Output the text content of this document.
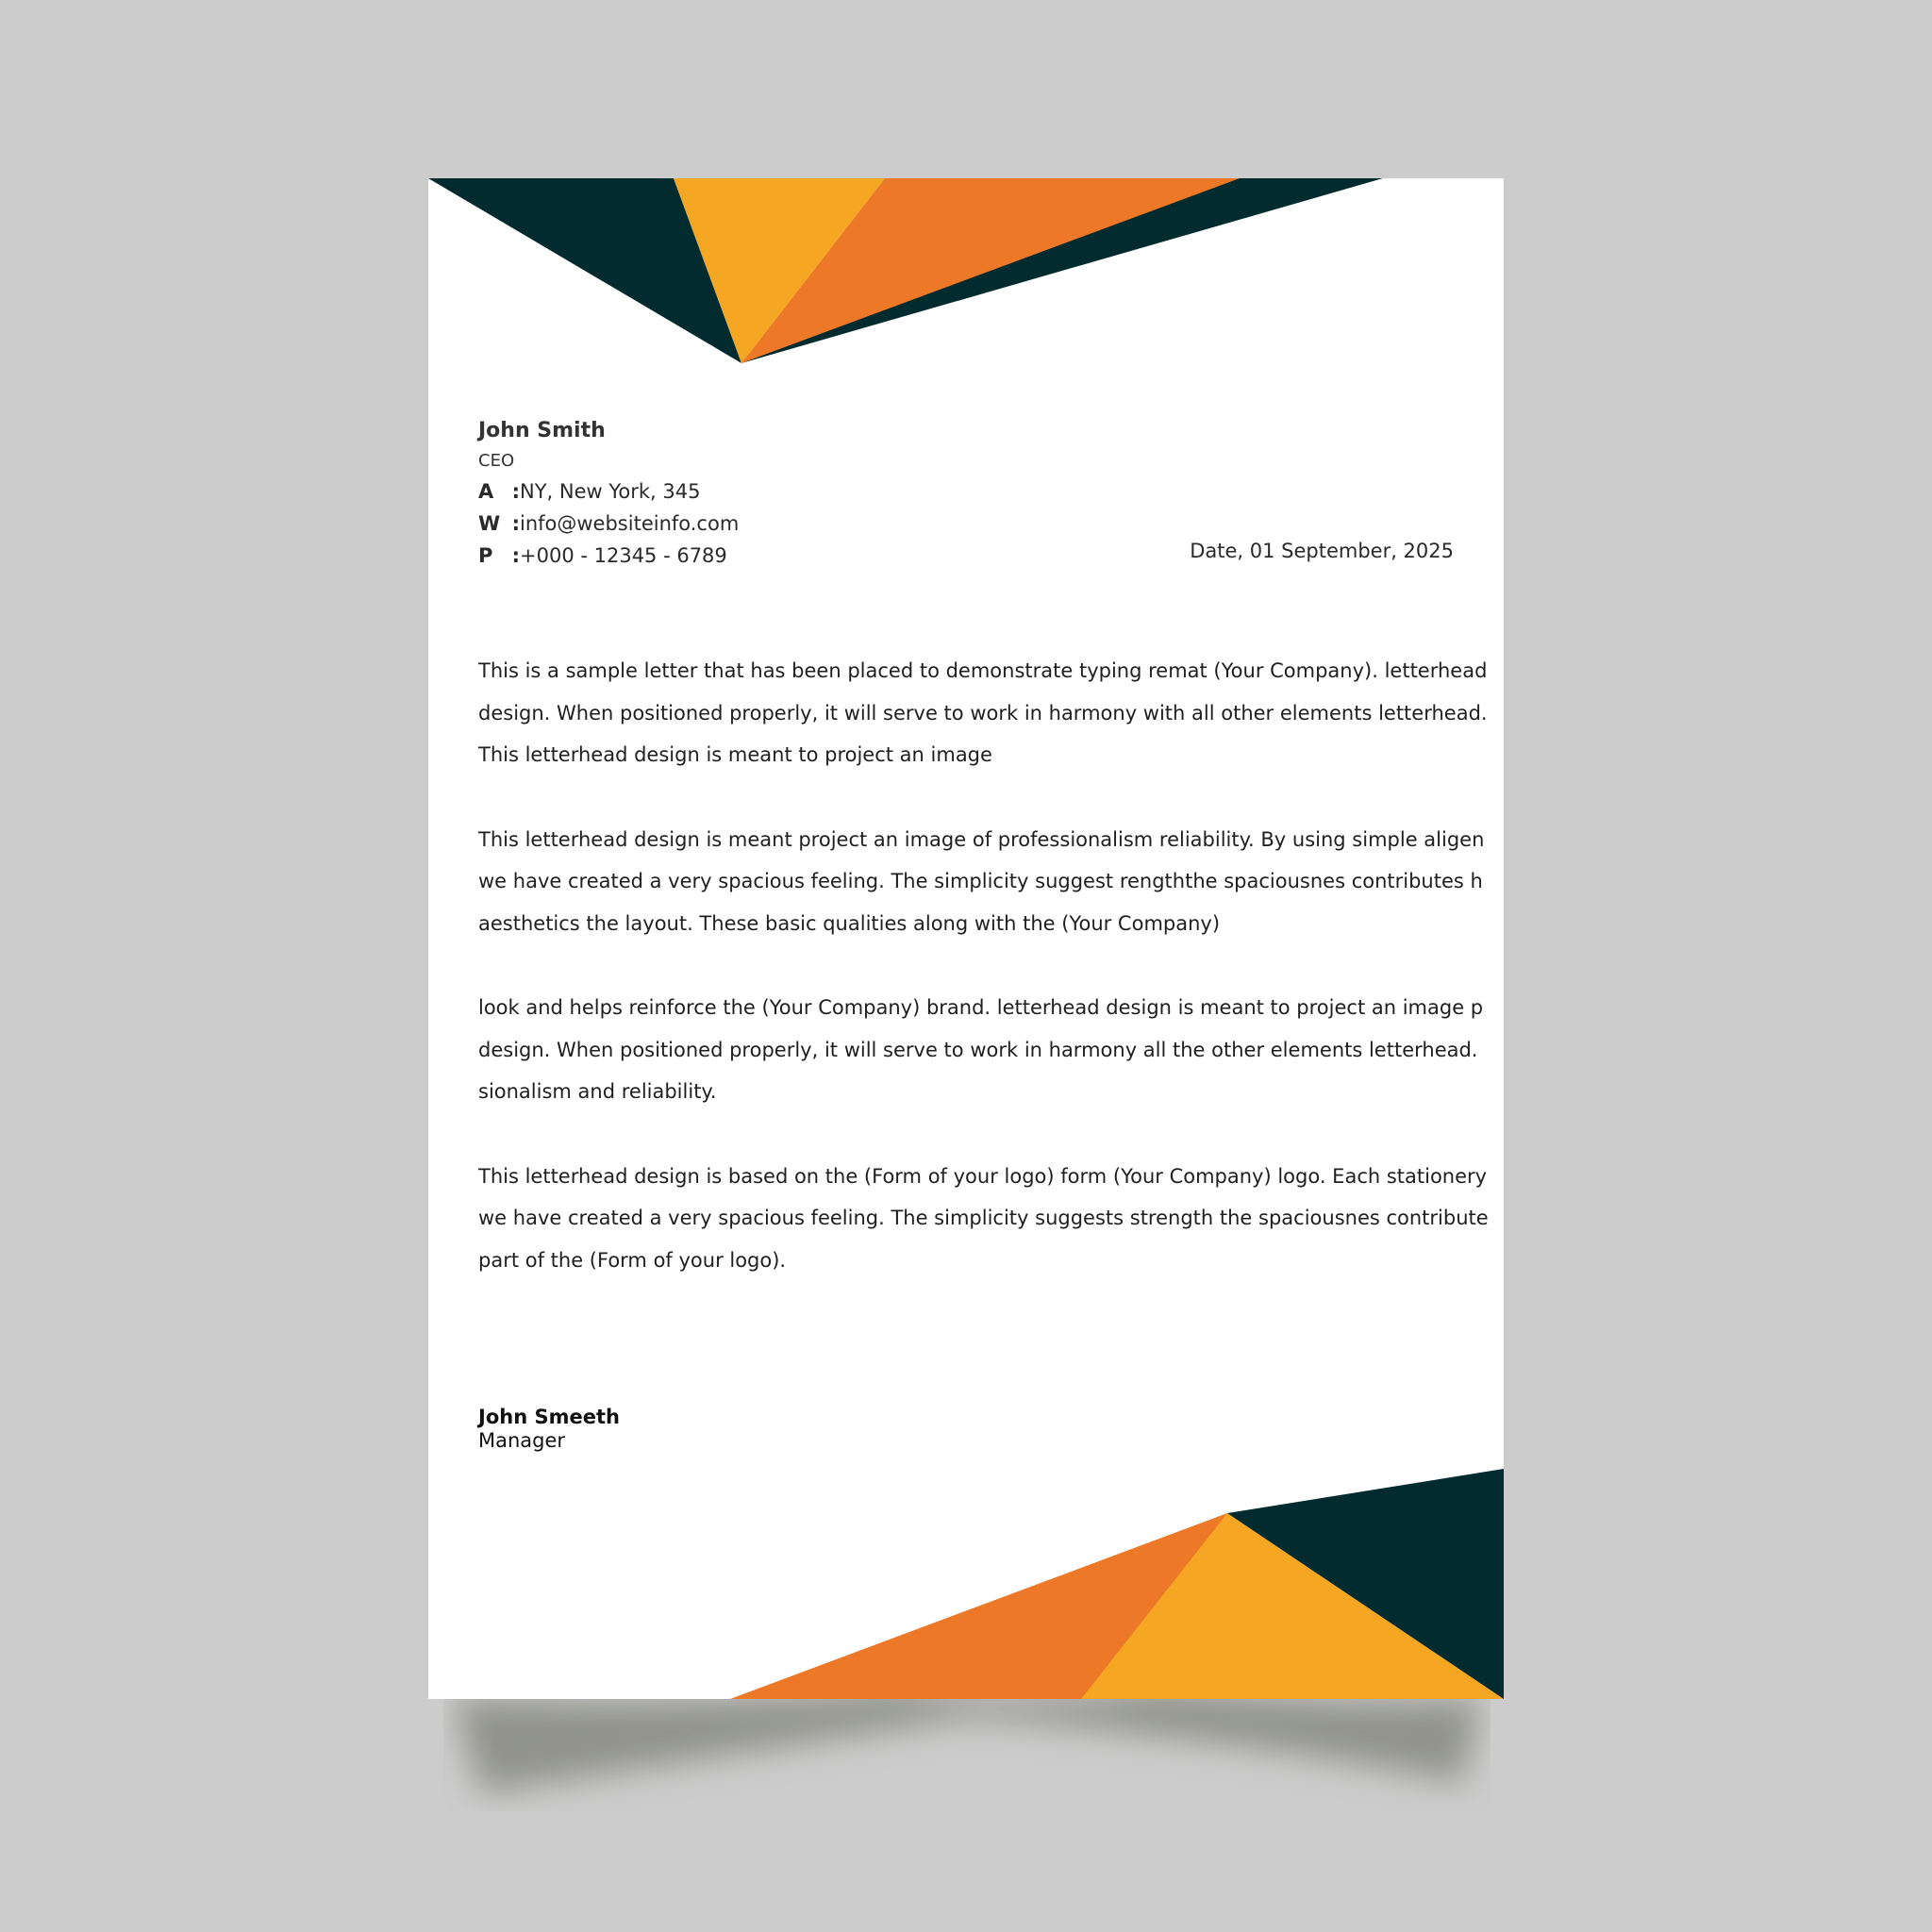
John Smith
CEO
A : NY, New York, 345
W : info@websiteinfo.com
P : +000 - 12345 - 6789	Date, 01 September, 2025
This is a sample letter that has been placed to demonstrate typing remat (Your Company). letterhead
design. When positioned properly, it will serve to work in harmony with all other elements letterhead.
This letterhead design is meant to project an image
This letterhead design is meant project an image of professionalism reliability. By using simple aligen
we have created a very spacious feeling. The simplicity suggest rengththe spaciousnes contributes h
aesthetics the layout. These basic qualities along with the (Your Company)
look and helps reinforce the (Your Company) brand. letterhead design is meant to project an image p
design. When positioned properly, it will serve to work in harmony all the other elements letterhead.
sionalism and reliability.
This letterhead design is based on the (Form of your logo) form (Your Company) logo. Each stationery
we have created a very spacious feeling. The simplicity suggests strength the spaciousnes contribute
part of the (Form of your logo).
John Smeeth
Manager
